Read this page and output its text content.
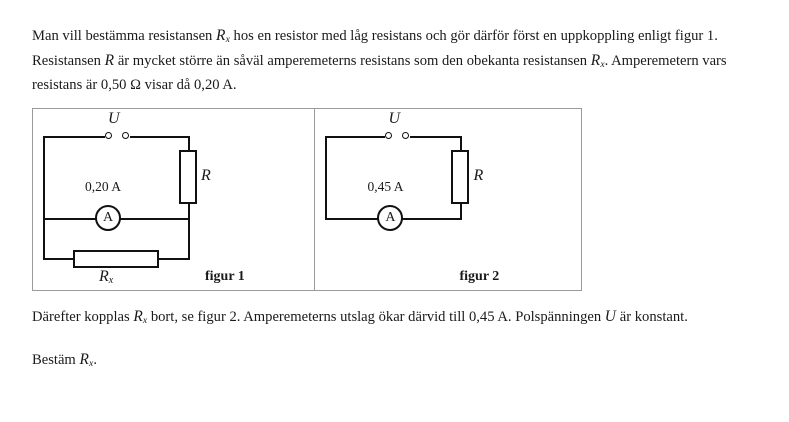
Man vill bestämma resistansen $R_x$ hos en resistor med låg resistans och gör därför först en uppkoppling enligt figur 1. Resistansen R är mycket större än såväl amperemeterns resistans som den obekanta resistansen $R_x$. Amperemetern vars resistans är 0,50 Ω visar då 0,20 A.

A
U
R
0,20 A
$R_x$	figur 1
A
U
R
0,45 A
figur 2

Därefter kopplas $R_x$ bort, se figur 2. Amperemeterns utslag ökar därvid till 0,45 A. Polspänningen U är konstant.

Bestäm $R_x$.
